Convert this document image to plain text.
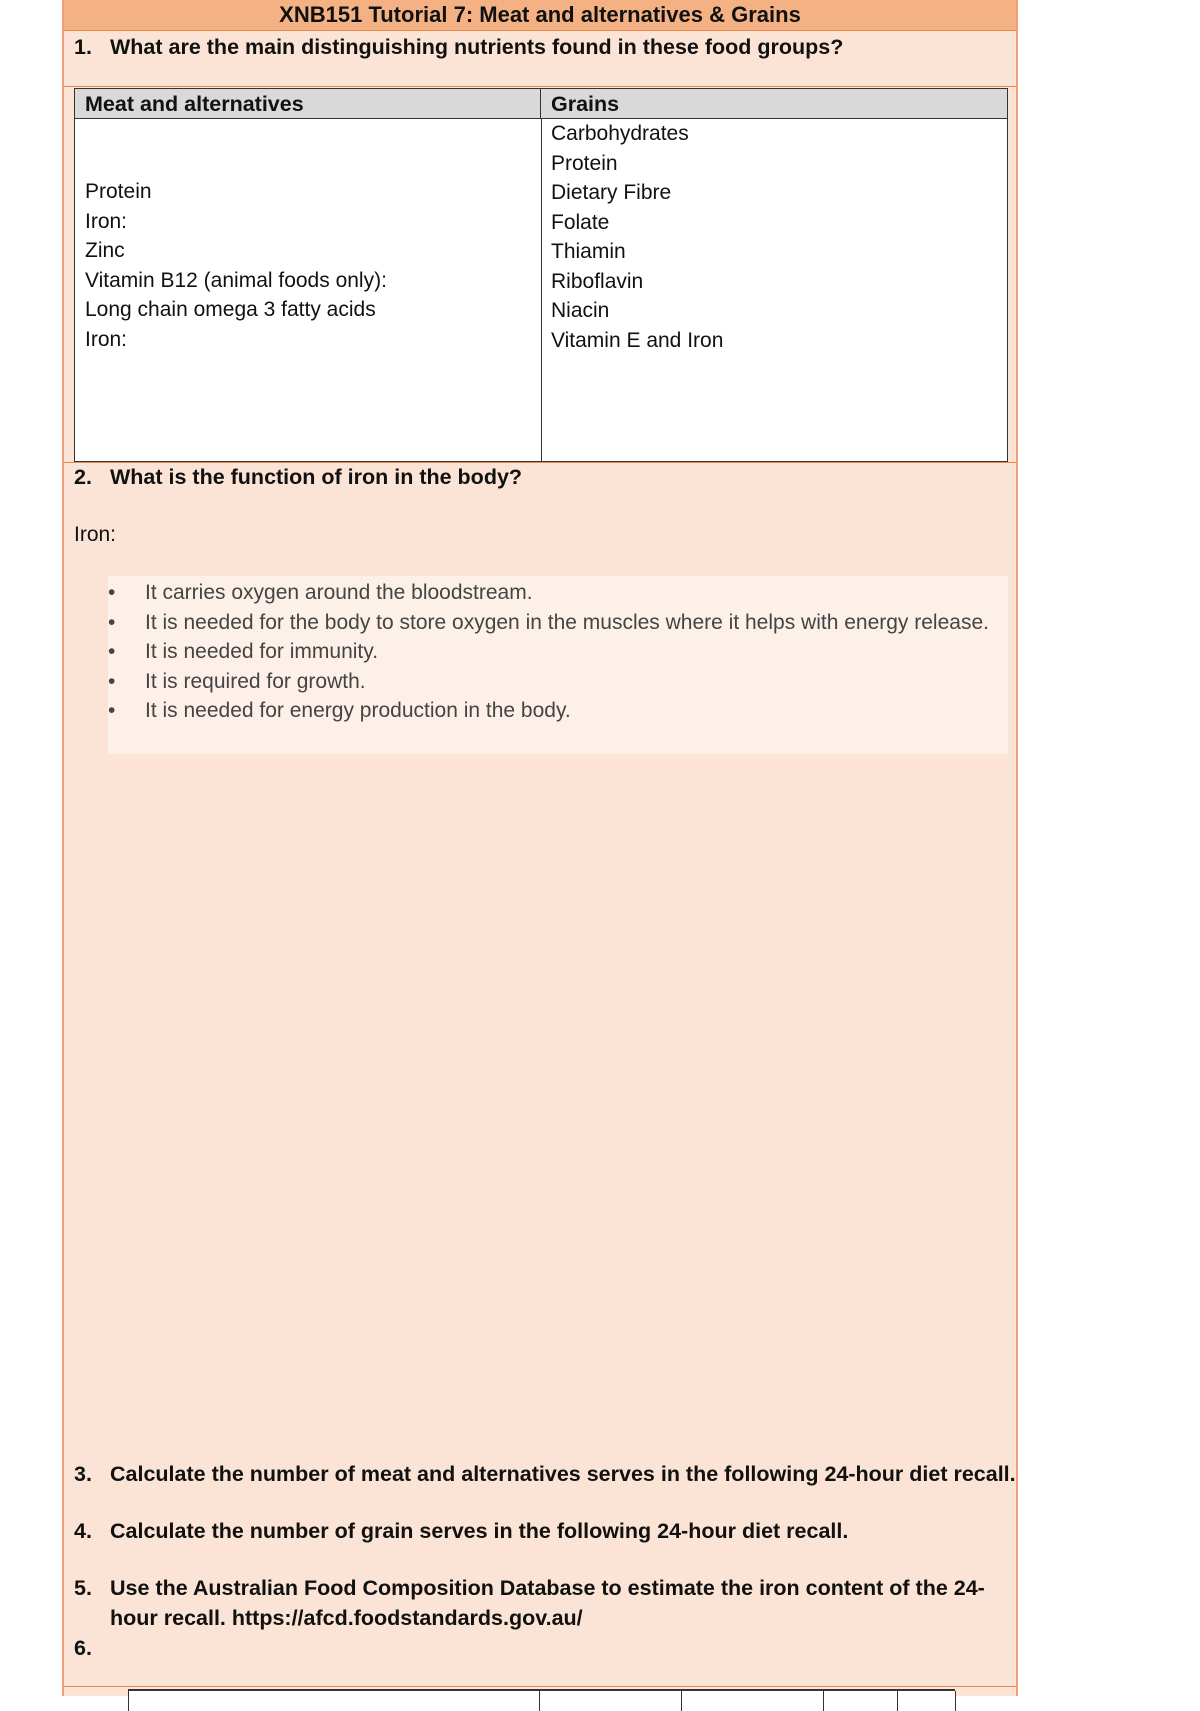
XNB151 Tutorial 7: Meat and alternatives & Grains
1. What are the main distinguishing nutrients found in these food groups?
Meat and alternatives	Grains
Protein
Iron:
Zinc
Vitamin B12 (animal foods only):
Long chain omega 3 fatty acids
Iron:
Carbohydrates
Protein
Dietary Fibre
Folate
Thiamin
Riboflavin
Niacin
Vitamin E and Iron
2. What is the function of iron in the body?
Iron:
• It carries oxygen around the bloodstream.
• It is needed for the body to store oxygen in the muscles where it helps with energy release.
• It is needed for immunity.
• It is required for growth.
• It is needed for energy production in the body.
3. Calculate the number of meat and alternatives serves in the following 24-hour diet recall.
4. Calculate the number of grain serves in the following 24-hour diet recall.
5. Use the Australian Food Composition Database to estimate the iron content of the 24-
hour recall. https://afcd.foodstandards.gov.au/
6.
